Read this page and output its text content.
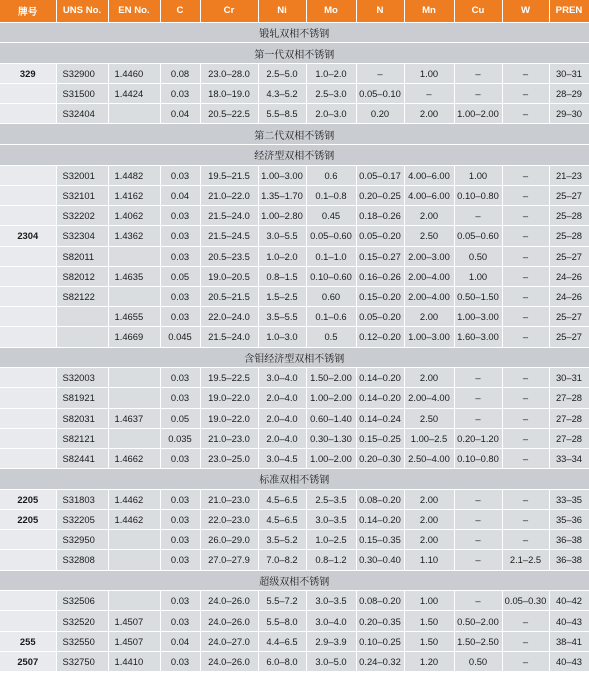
牌号	UNS No.	EN No.	C	Cr	Ni	Mo	N	Mn	Cu	W	PREN
锻轧双相不锈钢											
第一代双相不锈钢											
329	S32900	1.4460	0.08	23.0–28.0	2.5–5.0	1.0–2.0	–	1.00	–	–	30–31
	S31500	1.4424	0.03	18.0–19.0	4.3–5.2	2.5–3.0	0.05–0.10	–	–	–	28–29
	S32404		0.04	20.5–22.5	5.5–8.5	2.0–3.0	0.20	2.00	1.00–2.00	–	29–30
第二代双相不锈钢											
经济型双相不锈钢											
	S32001	1.4482	0.03	19.5–21.5	1.00–3.00	0.6	0.05–0.17	4.00–6.00	1.00	–	21–23
	S32101	1.4162	0.04	21.0–22.0	1.35–1.70	0.1–0.8	0.20–0.25	4.00–6.00	0.10–0.80	–	25–27
	S32202	1.4062	0.03	21.5–24.0	1.00–2.80	0.45	0.18–0.26	2.00	–	–	25–28
2304	S32304	1.4362	0.03	21.5–24.5	3.0–5.5	0.05–0.60	0.05–0.20	2.50	0.05–0.60	–	25–28
	S82011		0.03	20.5–23.5	1.0–2.0	0.1–1.0	0.15–0.27	2.00–3.00	0.50	–	25–27
	S82012	1.4635	0.05	19.0–20.5	0.8–1.5	0.10–0.60	0.16–0.26	2.00–4.00	1.00	–	24–26
	S82122		0.03	20.5–21.5	1.5–2.5	0.60	0.15–0.20	2.00–4.00	0.50–1.50	–	24–26
		1.4655	0.03	22.0–24.0	3.5–5.5	0.1–0.6	0.05–0.20	2.00	1.00–3.00	–	25–27
		1.4669	0.045	21.5–24.0	1.0–3.0	0.5	0.12–0.20	1.00–3.00	1.60–3.00	–	25–27
含钼经济型双相不锈钢											
	S32003		0.03	19.5–22.5	3.0–4.0	1.50–2.00	0.14–0.20	2.00	–	–	30–31
	S81921		0.03	19.0–22.0	2.0–4.0	1.00–2.00	0.14–0.20	2.00–4.00	–	–	27–28
	S82031	1.4637	0.05	19.0–22.0	2.0–4.0	0.60–1.40	0.14–0.24	2.50	–	–	27–28
	S82121		0.035	21.0–23.0	2.0–4.0	0.30–1.30	0.15–0.25	1.00–2.5	0.20–1.20	–	27–28
	S82441	1.4662	0.03	23.0–25.0	3.0–4.5	1.00–2.00	0.20–0.30	2.50–4.00	0.10–0.80	–	33–34
标准双相不锈钢											
2205	S31803	1.4462	0.03	21.0–23.0	4.5–6.5	2.5–3.5	0.08–0.20	2.00	–	–	33–35
2205	S32205	1.4462	0.03	22.0–23.0	4.5–6.5	3.0–3.5	0.14–0.20	2.00	–	–	35–36
	S32950		0.03	26.0–29.0	3.5–5.2	1.0–2.5	0.15–0.35	2.00	–	–	36–38
	S32808		0.03	27.0–27.9	7.0–8.2	0.8–1.2	0.30–0.40	1.10	–	2.1–2.5	36–38
超级双相不锈钢											
	S32506		0.03	24.0–26.0	5.5–7.2	3.0–3.5	0.08–0.20	1.00	–	0.05–0.30	40–42
	S32520	1.4507	0.03	24.0–26.0	5.5–8.0	3.0–4.0	0.20–0.35	1.50	0.50–2.00	–	40–43
255	S32550	1.4507	0.04	24.0–27.0	4.4–6.5	2.9–3.9	0.10–0.25	1.50	1.50–2.50	–	38–41
2507	S32750	1.4410	0.03	24.0–26.0	6.0–8.0	3.0–5.0	0.24–0.32	1.20	0.50	–	40–43
